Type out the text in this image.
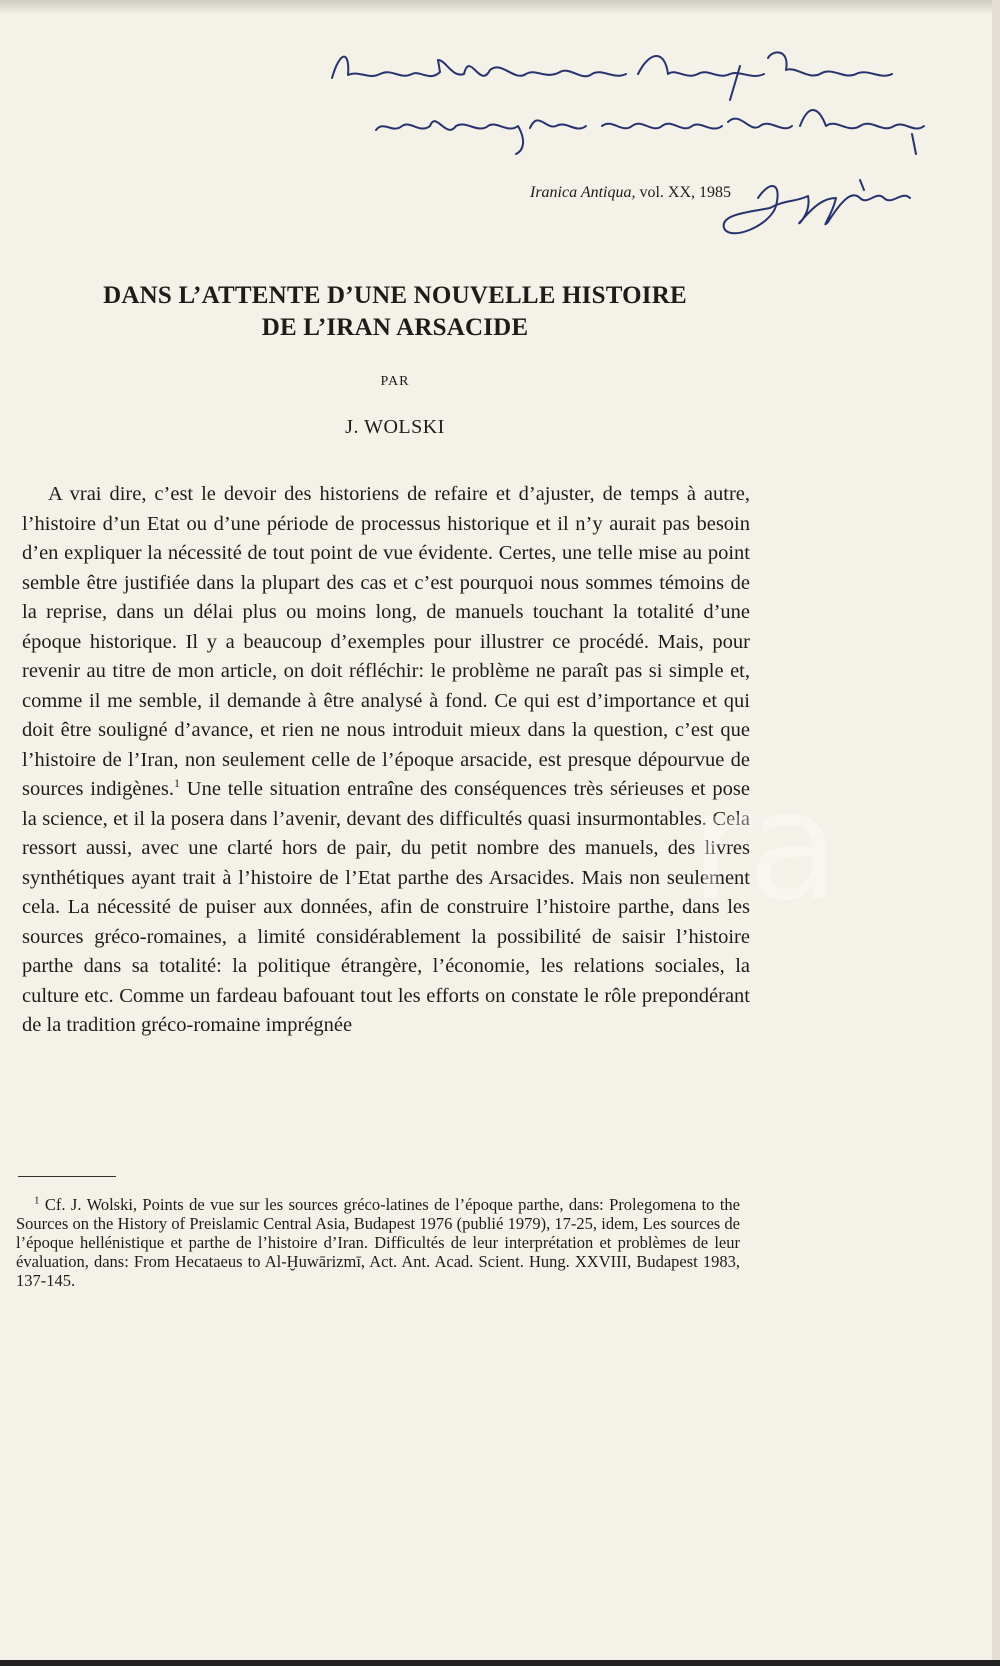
Iranica Antiqua, vol. XX, 1985
DANS L’ATTENTE D’UNE NOUVELLE HISTOIRE
DE L’IRAN ARSACIDE
PAR
J. WOLSKI

A vrai dire, c’est le devoir des historiens de refaire et d’ajuster, de temps à autre, l’histoire d’un Etat ou d’une période de processus historique et il n’y aurait pas besoin d’en expliquer la nécessité de tout point de vue évidente. Certes, une telle mise au point semble être justifiée dans la plupart des cas et c’est pourquoi nous sommes témoins de la reprise, dans un délai plus ou moins long, de manuels touchant la totalité d’une époque historique. Il y a beaucoup d’exemples pour illustrer ce procédé. Mais, pour revenir au titre de mon article, on doit réfléchir: le problème ne paraît pas si simple et, comme il me semble, il demande à être analysé à fond. Ce qui est d’importance et qui doit être souligné d’avance, et rien ne nous introduit mieux dans la question, c’est que l’histoire de l’Iran, non seulement celle de l’époque arsacide, est presque dépourvue de sources indigènes.$^1$ Une telle situation entraîne des conséquences très sérieuses et pose la science, et il la posera dans l’avenir, devant des difficultés quasi insurmontables. Cela ressort aussi, avec une clarté hors de pair, du petit nombre des manuels, des livres synthétiques ayant trait à l’histoire de l’Etat parthe des Arsacides. Mais non seulement cela. La nécessité de puiser aux données, afin de construire l’histoire parthe, dans les sources gréco-romaines, a limité considérablement la possibilité de saisir l’histoire parthe dans sa totalité: la politique étrangère, l’économie, les relations sociales, la culture etc. Comme un fardeau bafouant tout les efforts on constate le rôle prepondérant de la tradition gréco-romaine imprégnée

$^1$ Cf. J. Wolski, Points de vue sur les sources gréco-latines de l’époque parthe, dans: Prolegomena to the Sources on the History of Preislamic Central Asia, Budapest 1976 (publié 1979), 17-25, idem, Les sources de l’époque hellénistique et parthe de l’histoire d’Iran. Difficultés de leur interprétation et problèmes de leur évaluation, dans: From Hecataeus to Al-Ḫuwārizmī, Act. Ant. Acad. Scient. Hung. XXVIII, Budapest 1983, 137-145.

ra
